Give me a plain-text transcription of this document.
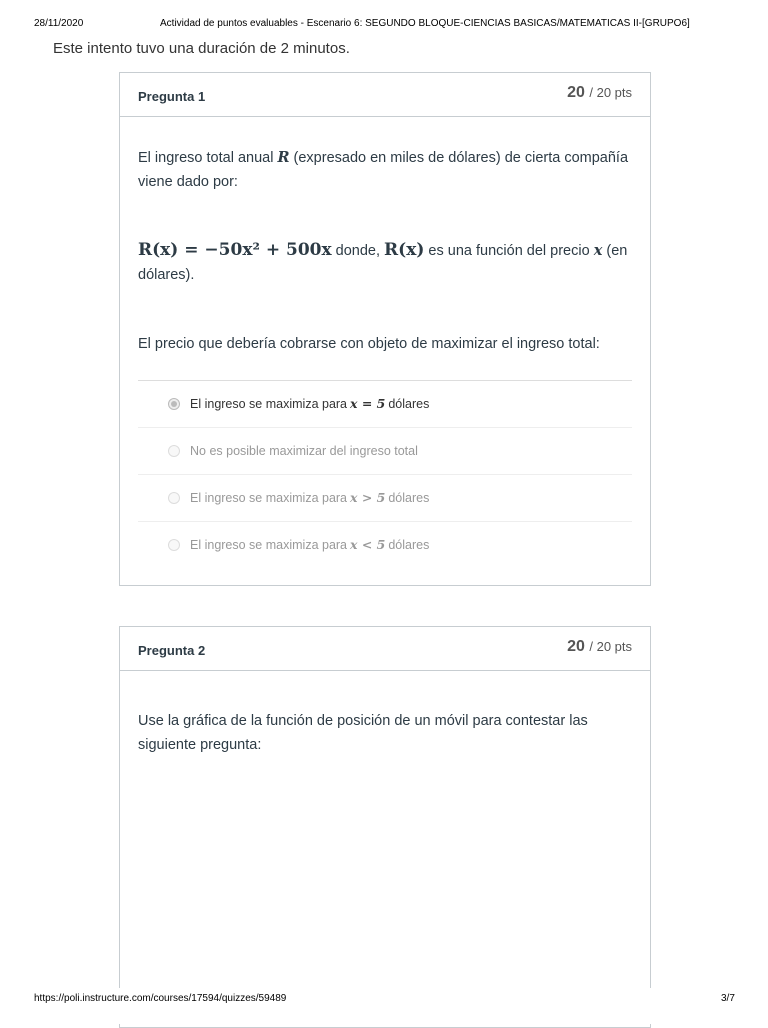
28/11/2020	Actividad de puntos evaluables - Escenario 6: SEGUNDO BLOQUE-CIENCIAS BASICAS/MATEMATICAS II-[GRUPO6]
Este intento tuvo una duración de 2 minutos.
Pregunta 1	20 / 20 pts

El ingreso total anual R (expresado en miles de dólares) de cierta compañía viene dado por:

R(x) = −50x² + 500x donde, R(x) es una función del precio x (en dólares).

El precio que debería cobrarse con objeto de maximizar el ingreso total:

El ingreso se maximiza para x = 5 dólares
No es posible maximizar del ingreso total
El ingreso se maximiza para x > 5 dólares
El ingreso se maximiza para x < 5 dólares
Pregunta 2	20 / 20 pts

Use la gráfica de la función de posición de un móvil para contestar las siguiente pregunta:

https://poli.instructure.com/courses/17594/quizzes/59489	3/7
